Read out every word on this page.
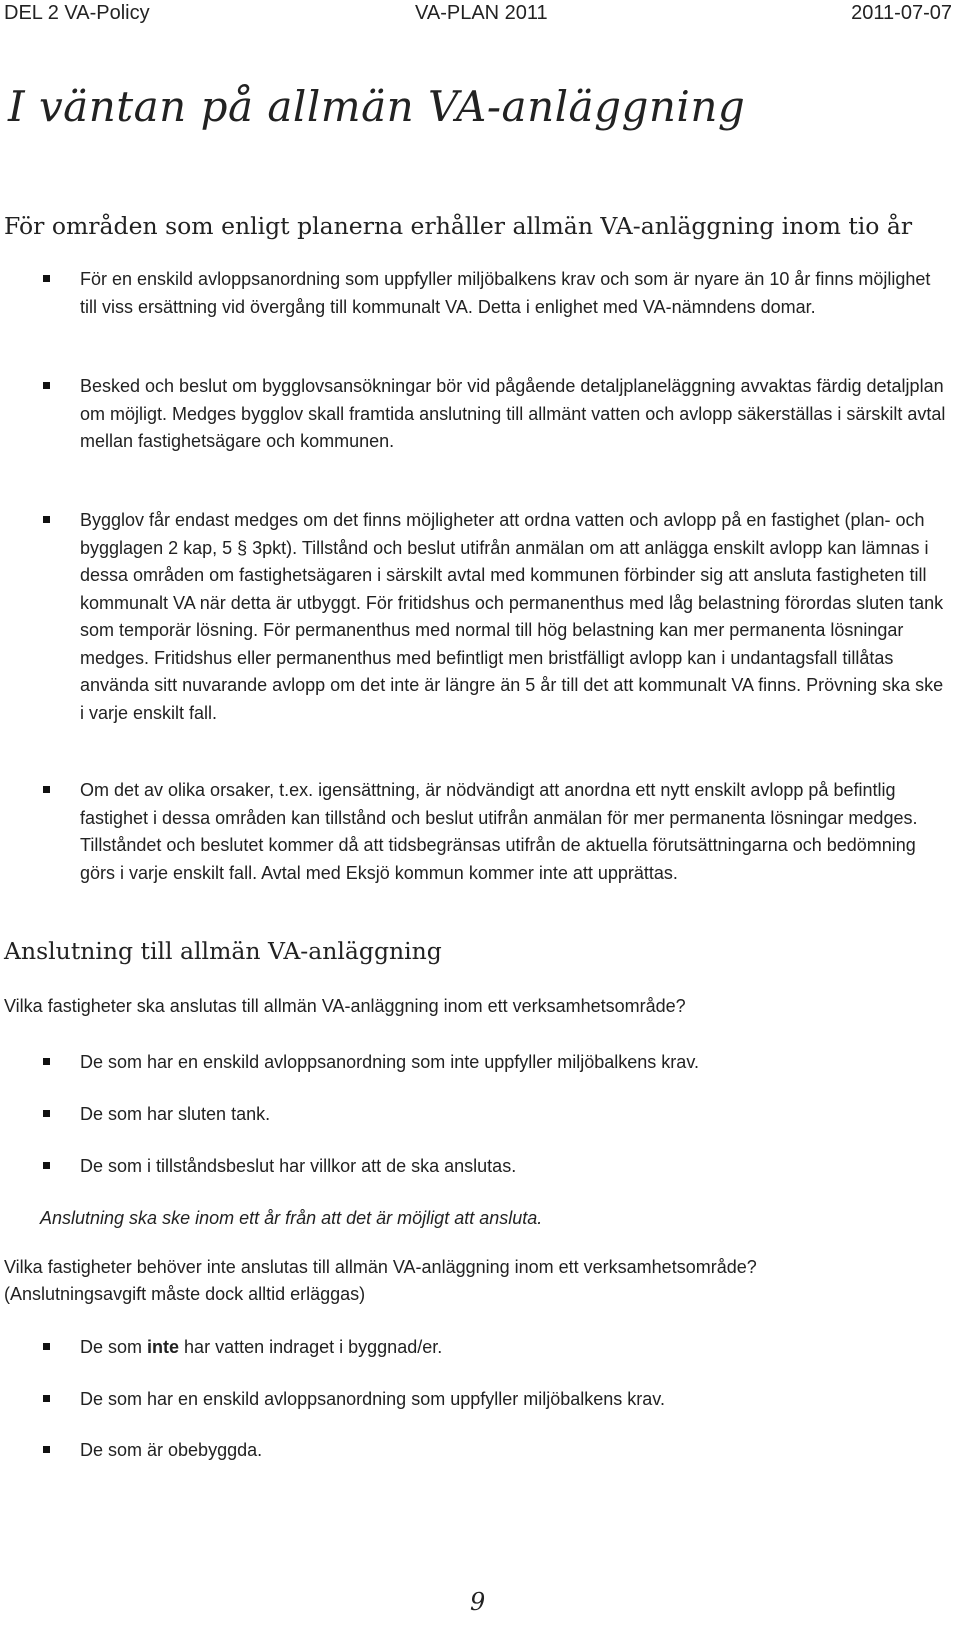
DEL 2 VA-Policy	VA-PLAN 2011	2011-07-07
I väntan på allmän VA-anläggning
För områden som enligt planerna erhåller allmän VA-anläggning inom tio år
För en enskild avloppsanordning som uppfyller miljöbalkens krav och som är nyare än 10 år finns möjlighet till viss ersättning vid övergång till kommunalt VA. Detta i enlighet med VA-nämndens domar.
Besked och beslut om bygglovsansökningar bör vid pågående detaljplaneläggning avvaktas färdig detaljplan om möjligt. Medges bygglov skall framtida anslutning till allmänt vatten och avlopp säkerställas i särskilt avtal mellan fastighetsägare och kommunen.
Bygglov får endast medges om det finns möjligheter att ordna vatten och avlopp på en fastighet (plan- och bygglagen 2 kap, 5 § 3pkt). Tillstånd och beslut utifrån anmälan om att anlägga enskilt avlopp kan lämnas i dessa områden om fastighetsägaren i särskilt avtal med kommunen förbinder sig att ansluta fastigheten till kommunalt VA när detta är utbyggt. För fritidshus och permanenthus med låg belastning förordas sluten tank som temporär lösning. För permanenthus med normal till hög belastning kan mer permanenta lösningar medges. Fritidshus eller permanenthus med befintligt men bristfälligt avlopp kan i undantagsfall tillåtas använda sitt nuvarande avlopp om det inte är längre än 5 år till det att kommunalt VA finns. Prövning ska ske i varje enskilt fall.
Om det av olika orsaker, t.ex. igensättning, är nödvändigt att anordna ett nytt enskilt avlopp på befintlig fastighet i dessa områden kan tillstånd och beslut utifrån anmälan för mer permanenta lösningar medges. Tillståndet och beslutet kommer då att tidsbegränsas utifrån de aktuella förutsättningarna och bedömning görs i varje enskilt fall. Avtal med Eksjö kommun kommer inte att upprättas.
Anslutning till allmän VA-anläggning
Vilka fastigheter ska anslutas till allmän VA-anläggning inom ett verksamhetsområde?
De som har en enskild avloppsanordning som inte uppfyller miljöbalkens krav.
De som har sluten tank.
De som i tillståndsbeslut har villkor att de ska anslutas.
Anslutning ska ske inom ett år från att det är möjligt att ansluta.
Vilka fastigheter behöver inte anslutas till allmän VA-anläggning inom ett verksamhetsområde?
(Anslutningsavgift måste dock alltid erläggas)
De som inte har vatten indraget i byggnad/er.
De som har en enskild avloppsanordning som uppfyller miljöbalkens krav.
De som är obebyggda.
9
